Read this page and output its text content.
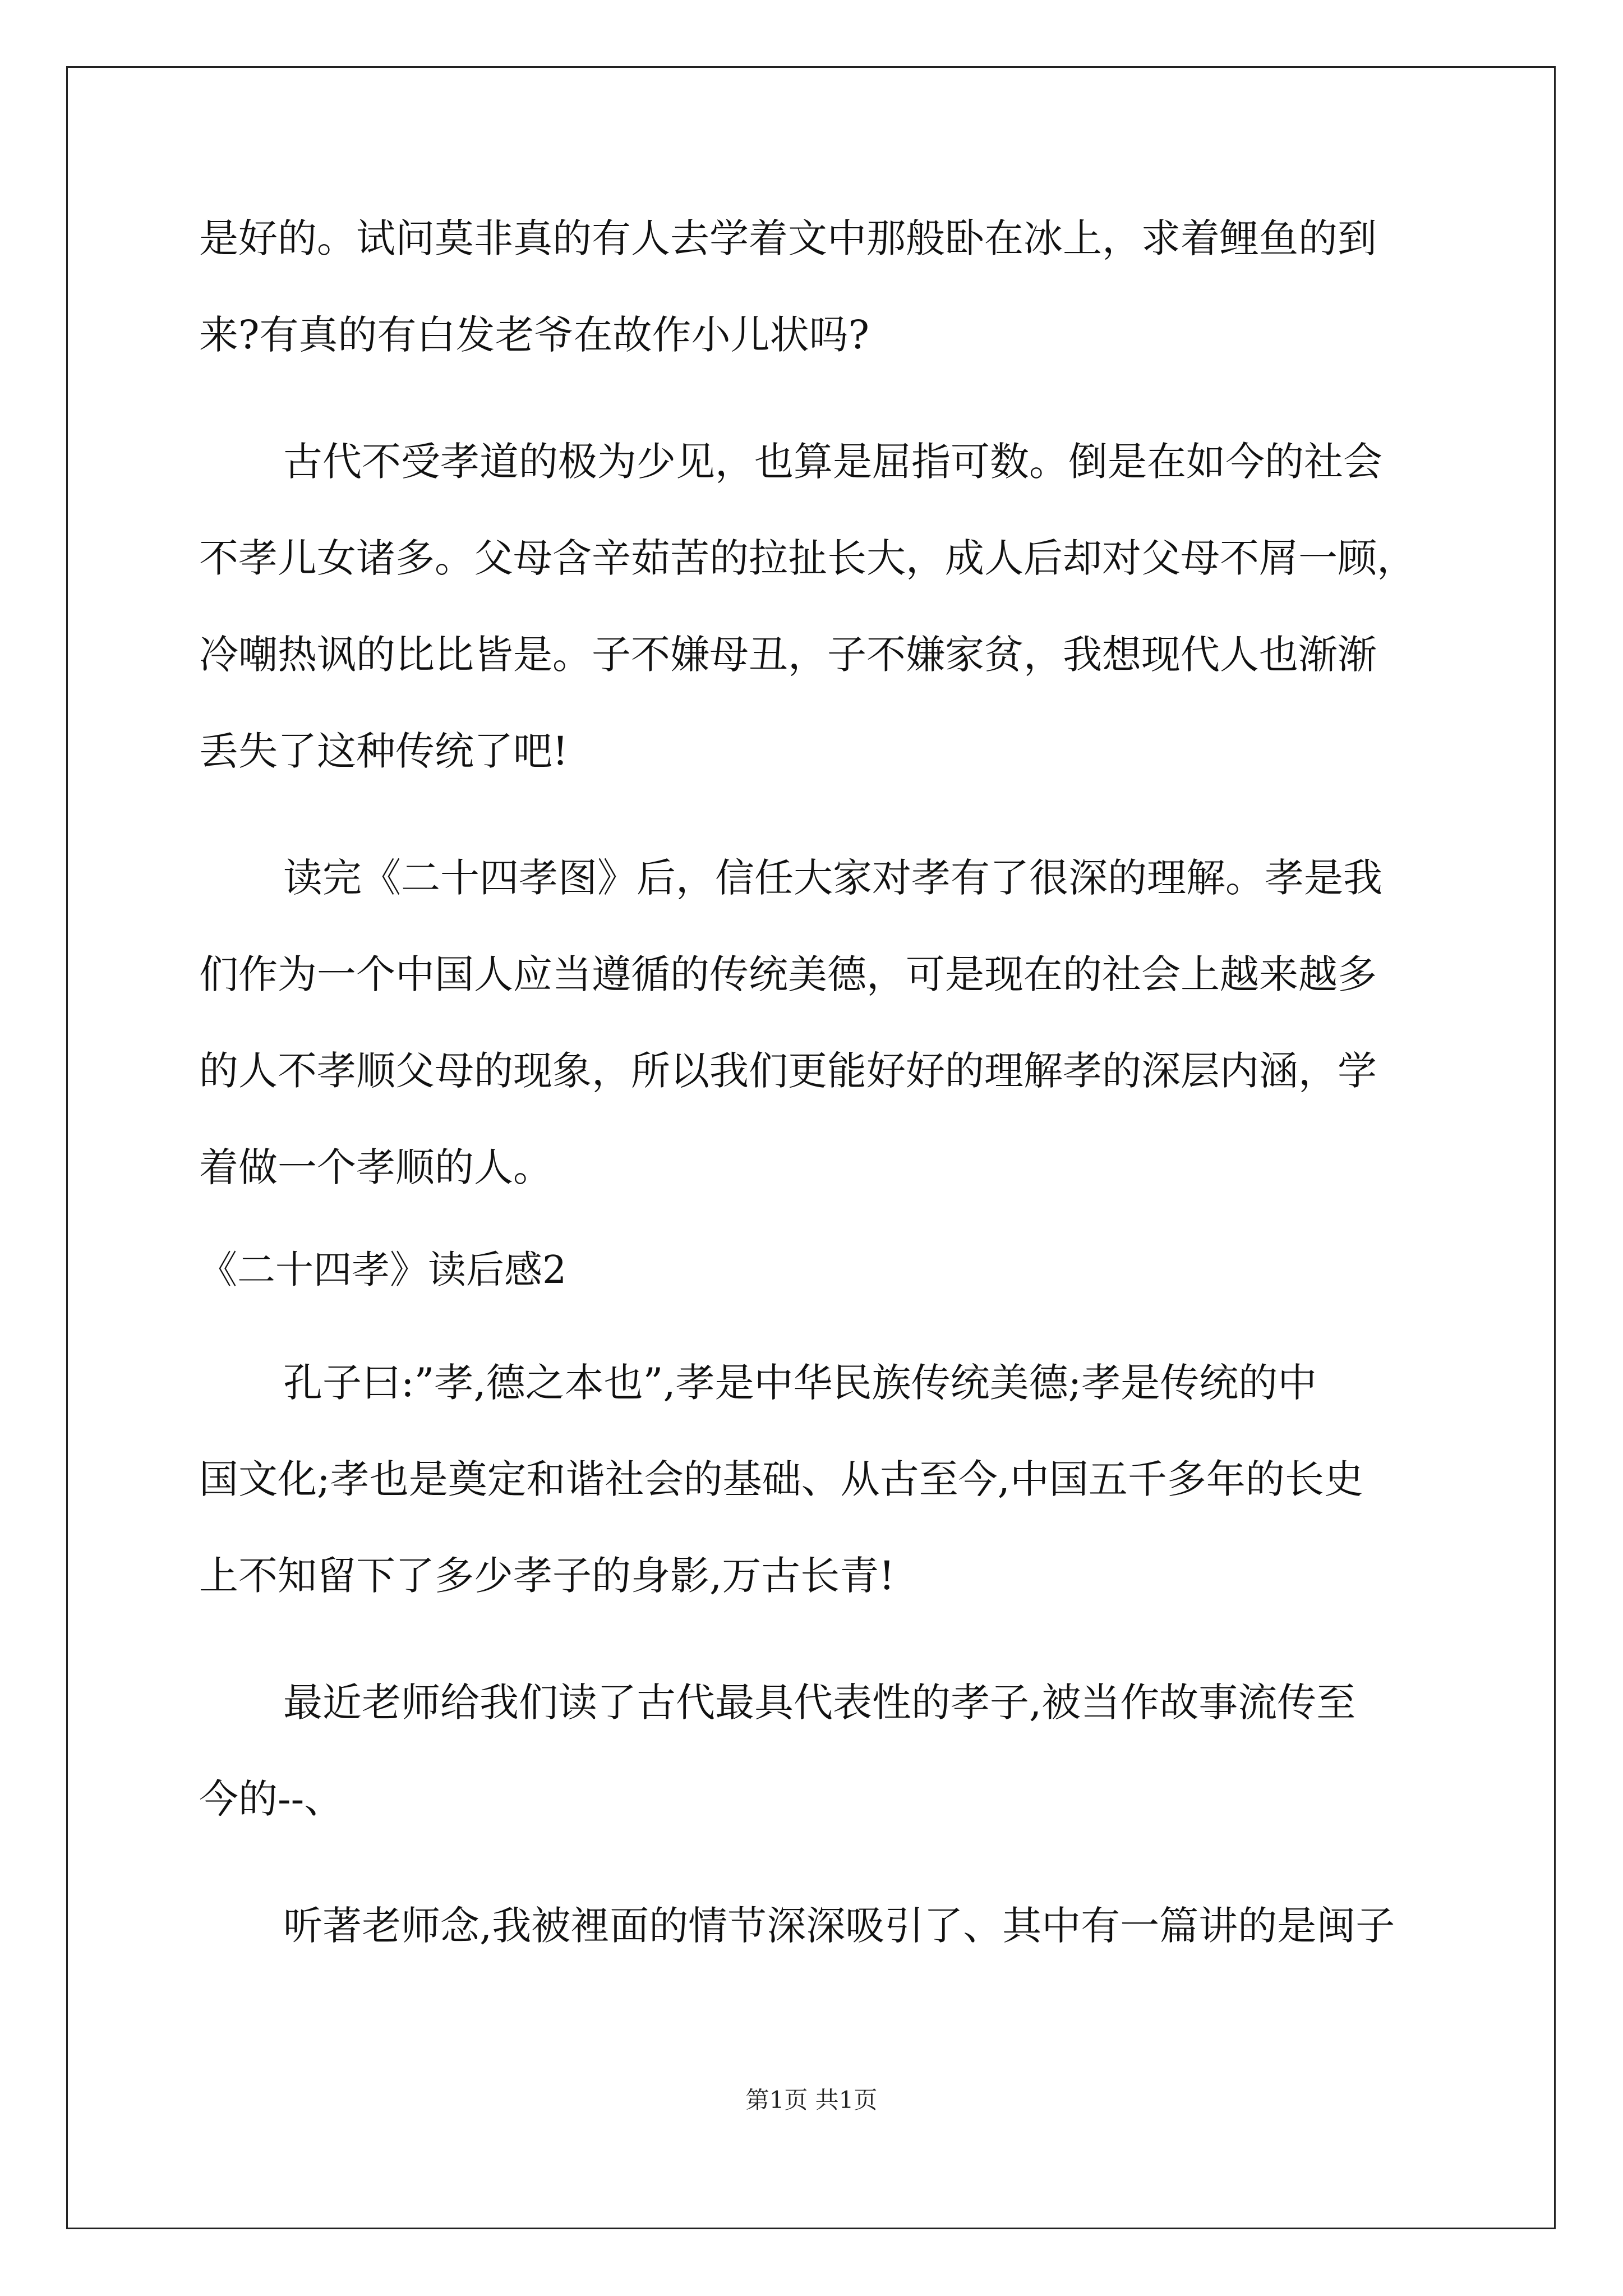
是好的。试问莫非真的有人去学着文中那般卧在冰上，求着鲤鱼的到
来?有真的有白发老爷在故作小儿状吗?
古代不受孝道的极为少见，也算是屈指可数。倒是在如今的社会
不孝儿女诸多。父母含辛茹苦的拉扯长大，成人后却对父母不屑一顾，
冷嘲热讽的比比皆是。子不嫌母丑，子不嫌家贫，我想现代人也渐渐
丢失了这种传统了吧!
读完《二十四孝图》后，信任大家对孝有了很深的理解。孝是我
们作为一个中国人应当遵循的传统美德，可是现在的社会上越来越多
的人不孝顺父母的现象，所以我们更能好好的理解孝的深层内涵，学
着做一个孝顺的人。
《二十四孝》读后感2
孔子曰:”孝,德之本也”,孝是中华民族传统美德;孝是传统的中
国文化;孝也是奠定和谐社会的基础、从古至今,中国五千多年的长史
上不知留下了多少孝子的身影,万古长青!
最近老师给我们读了古代最具代表性的孝子,被当作故事流传至
今的--、
听著老师念,我被裡面的情节深深吸引了、其中有一篇讲的是闽子
第1页 共1页
